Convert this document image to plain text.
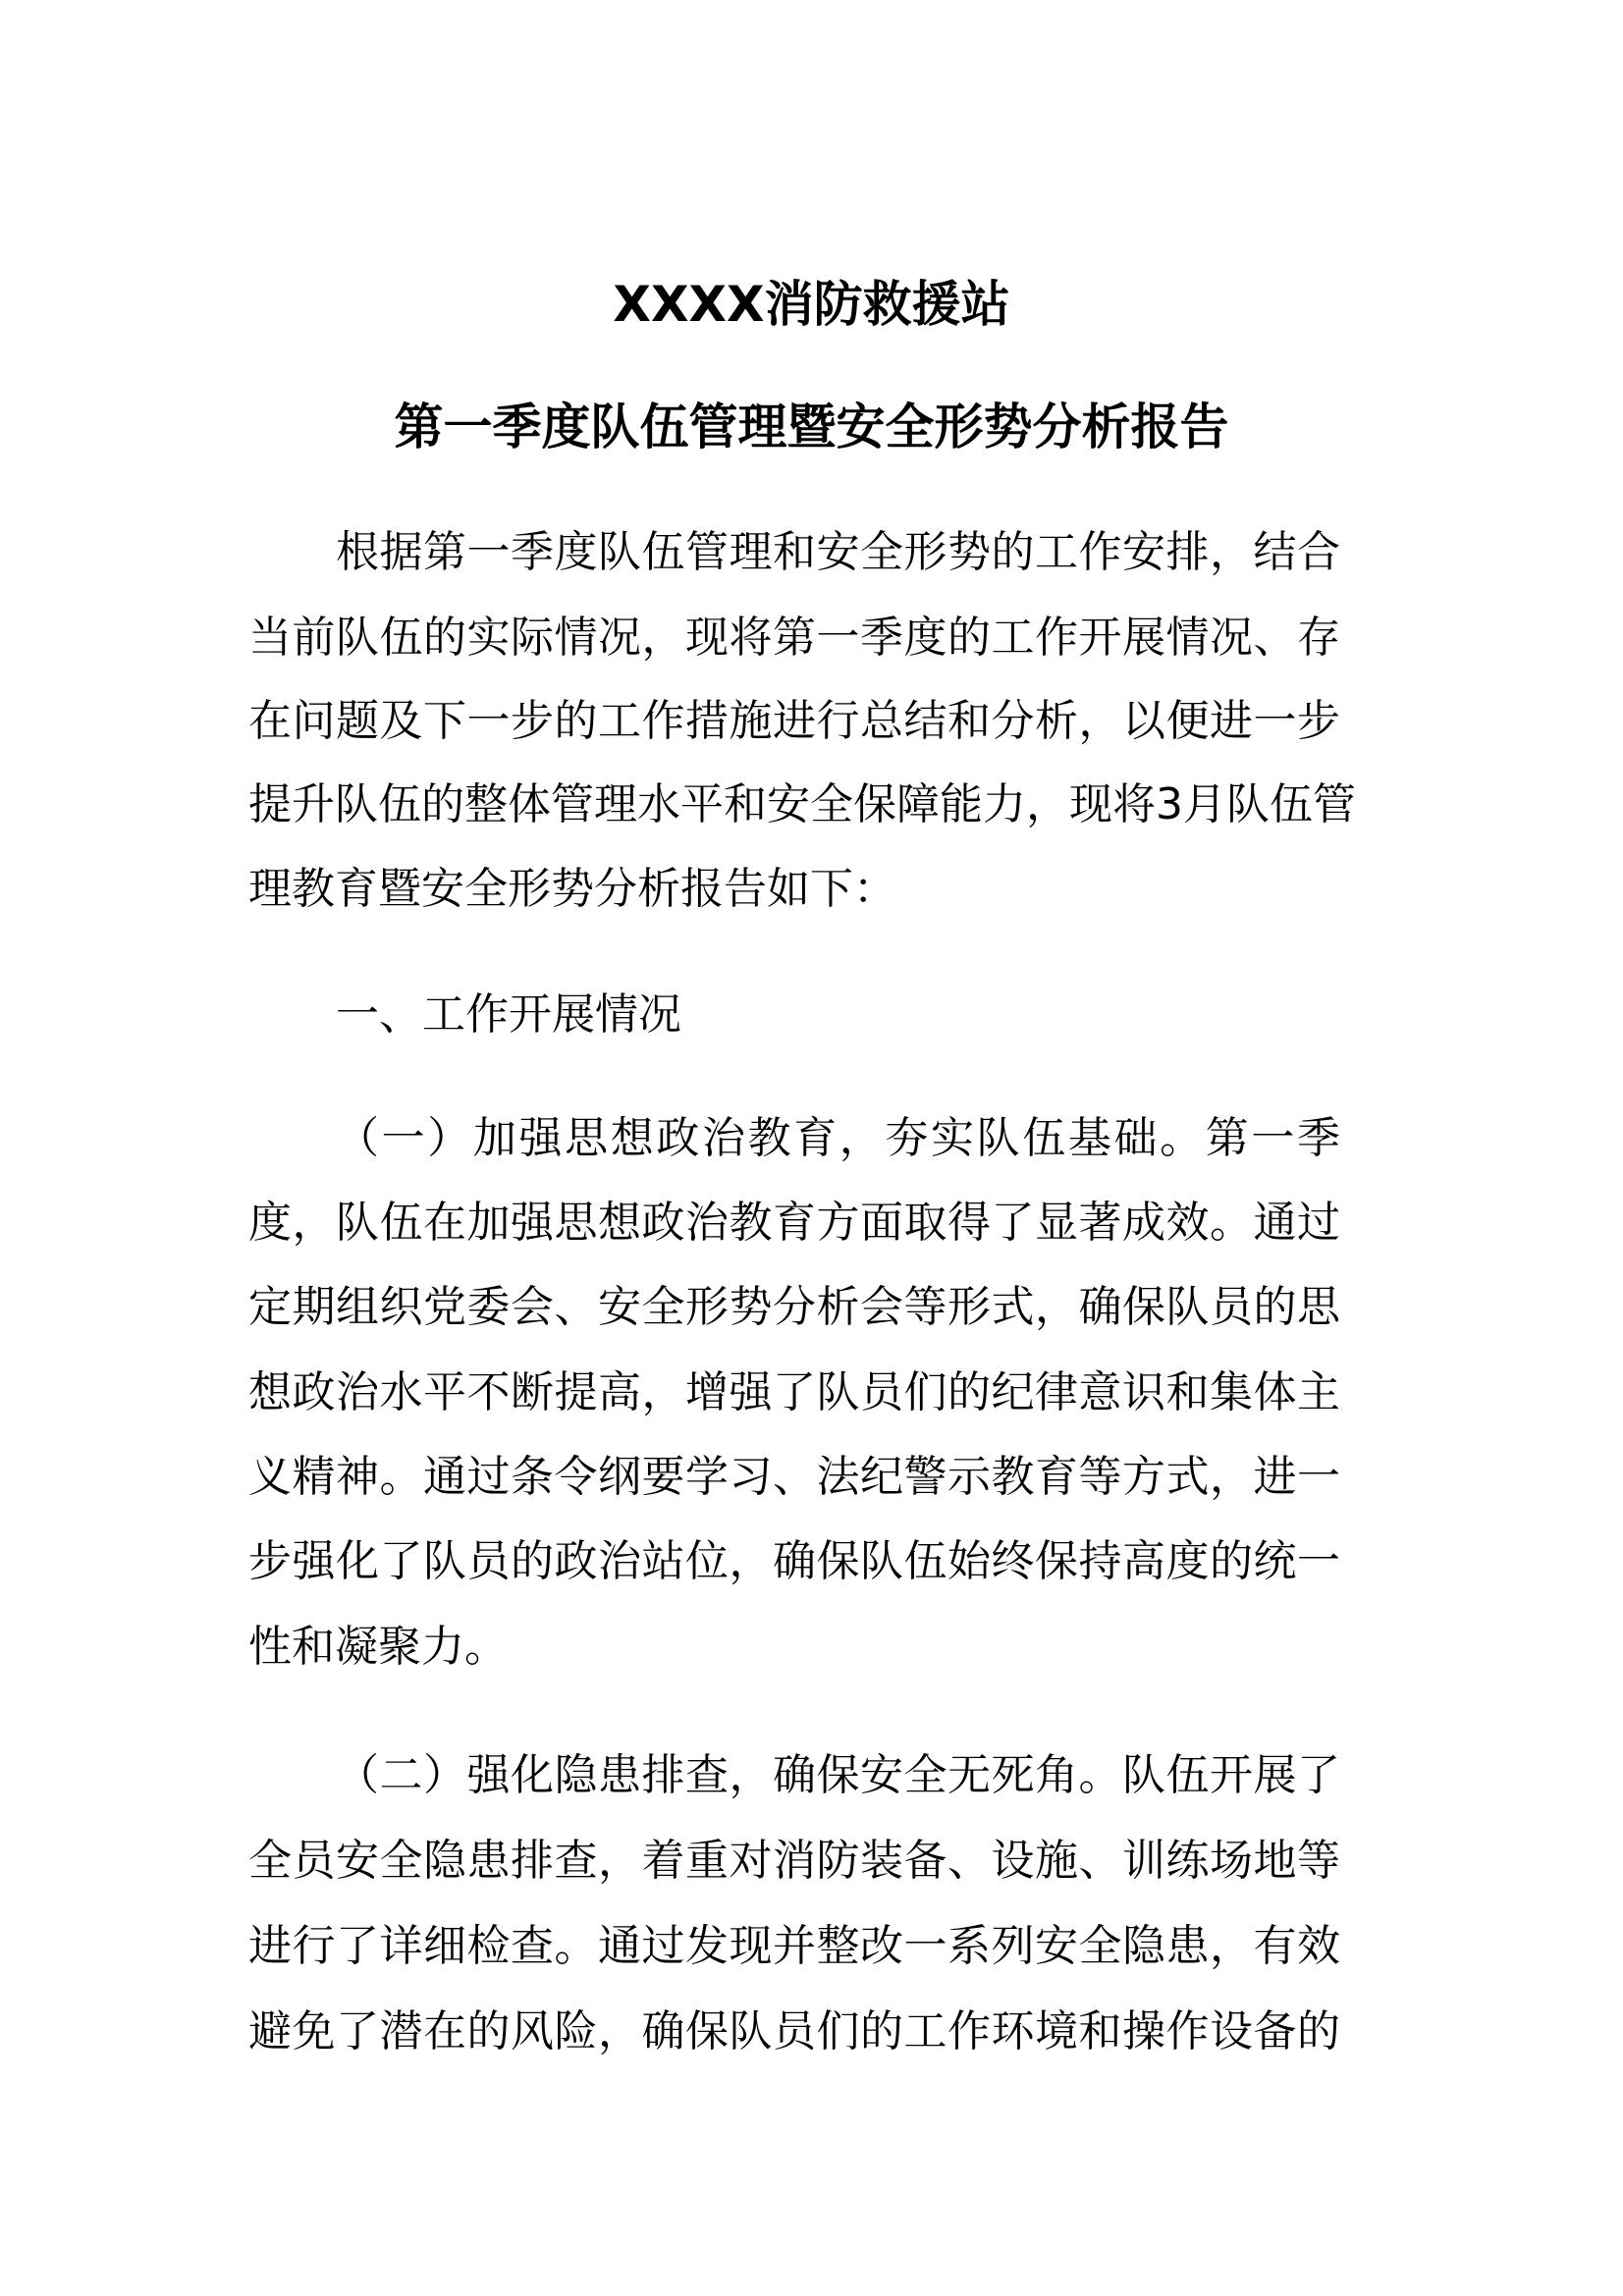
XXXX消防救援站
第一季度队伍管理暨安全形势分析报告
根据第一季度队伍管理和安全形势的工作安排，结合
当前队伍的实际情况，现将第一季度的工作开展情况、存
在问题及下一步的工作措施进行总结和分析，以便进一步
提升队伍的整体管理水平和安全保障能力，现将3月队伍管
理教育暨安全形势分析报告如下：
一、工作开展情况
（一）加强思想政治教育，夯实队伍基础。第一季
度，队伍在加强思想政治教育方面取得了显著成效。通过
定期组织党委会、安全形势分析会等形式，确保队员的思
想政治水平不断提高，增强了队员们的纪律意识和集体主
义精神。通过条令纲要学习、法纪警示教育等方式，进一
步强化了队员的政治站位，确保队伍始终保持高度的统一
性和凝聚力。
（二）强化隐患排查，确保安全无死角。队伍开展了
全员安全隐患排查，着重对消防装备、设施、训练场地等
进行了详细检查。通过发现并整改一系列安全隐患，有效
避免了潜在的风险，确保队员们的工作环境和操作设备的
